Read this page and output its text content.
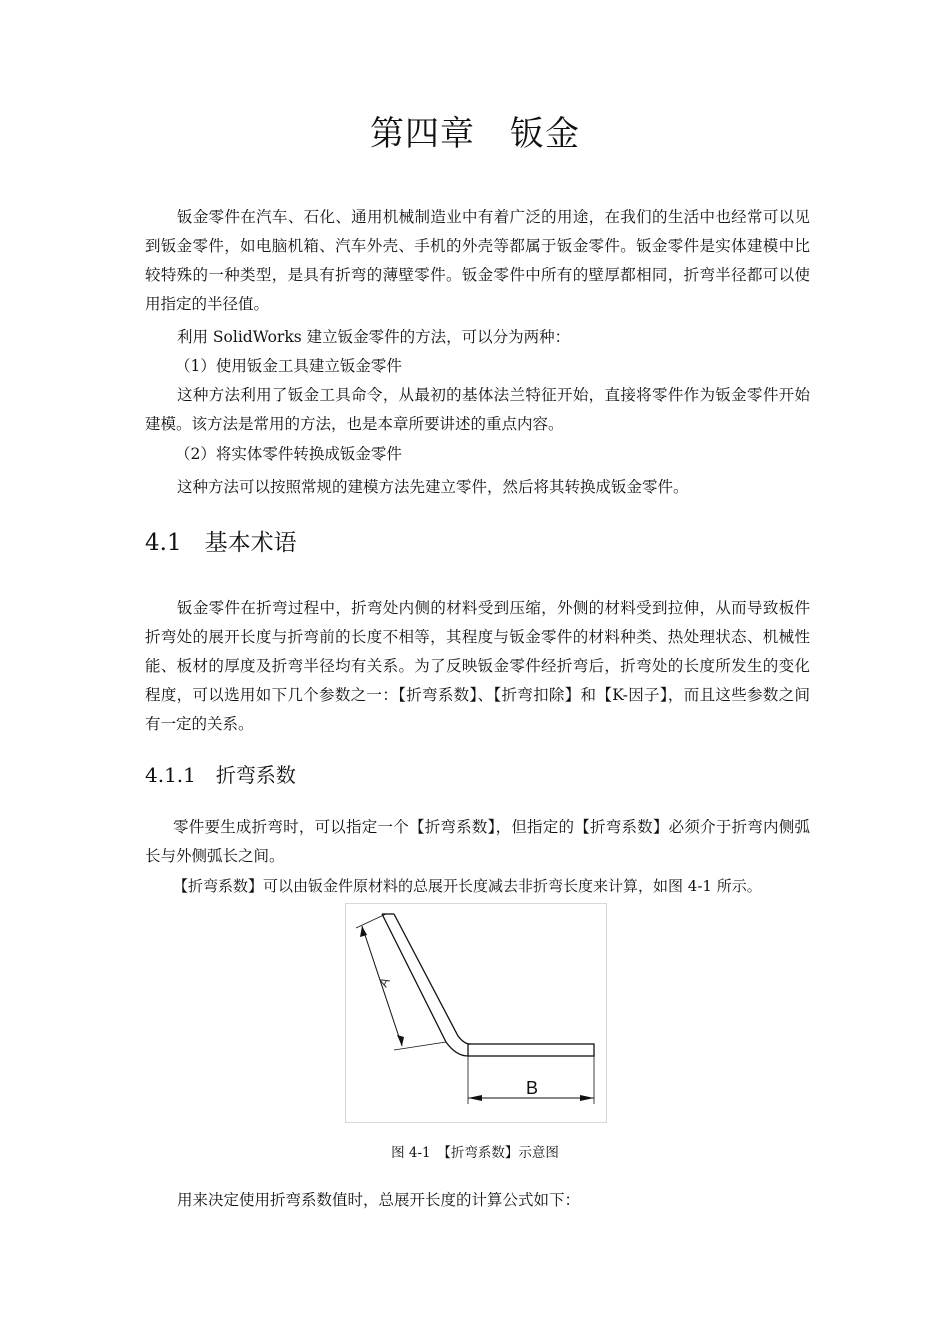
第四章　钣金

钣金零件在汽车、石化、通用机械制造业中有着广泛的用途，在我们的生活中也经常可以见到钣金零件，如电脑机箱、汽车外壳、手机的外壳等都属于钣金零件。钣金零件是实体建模中比较特殊的一种类型，是具有折弯的薄壁零件。钣金零件中所有的壁厚都相同，折弯半径都可以使用指定的半径值。

利用 SolidWorks 建立钣金零件的方法，可以分为两种：
（1）使用钣金工具建立钣金零件

这种方法利用了钣金工具命令，从最初的基体法兰特征开始，直接将零件作为钣金零件开始建模。该方法是常用的方法，也是本章所要讲述的重点内容。

（2）将实体零件转换成钣金零件
这种方法可以按照常规的建模方法先建立零件，然后将其转换成钣金零件。
4.1　基本术语

钣金零件在折弯过程中，折弯处内侧的材料受到压缩，外侧的材料受到拉伸，从而导致板件折弯处的展开长度与折弯前的长度不相等，其程度与钣金零件的材料种类、热处理状态、机械性能、板材的厚度及折弯半径均有关系。为了反映钣金零件经折弯后，折弯处的长度所发生的变化程度，可以选用如下几个参数之一：【折弯系数】、【折弯扣除】和【K-因子】，而且这些参数之间有一定的关系。

4.1.1　折弯系数

零件要生成折弯时，可以指定一个【折弯系数】，但指定的【折弯系数】必须介于折弯内侧弧长与外侧弧长之间。

【折弯系数】可以由钣金件原材料的总展开长度减去非折弯长度来计算，如图 4-1 所示。
A
B
图 4-1　【折弯系数】示意图
用来决定使用折弯系数值时，总展开长度的计算公式如下：
